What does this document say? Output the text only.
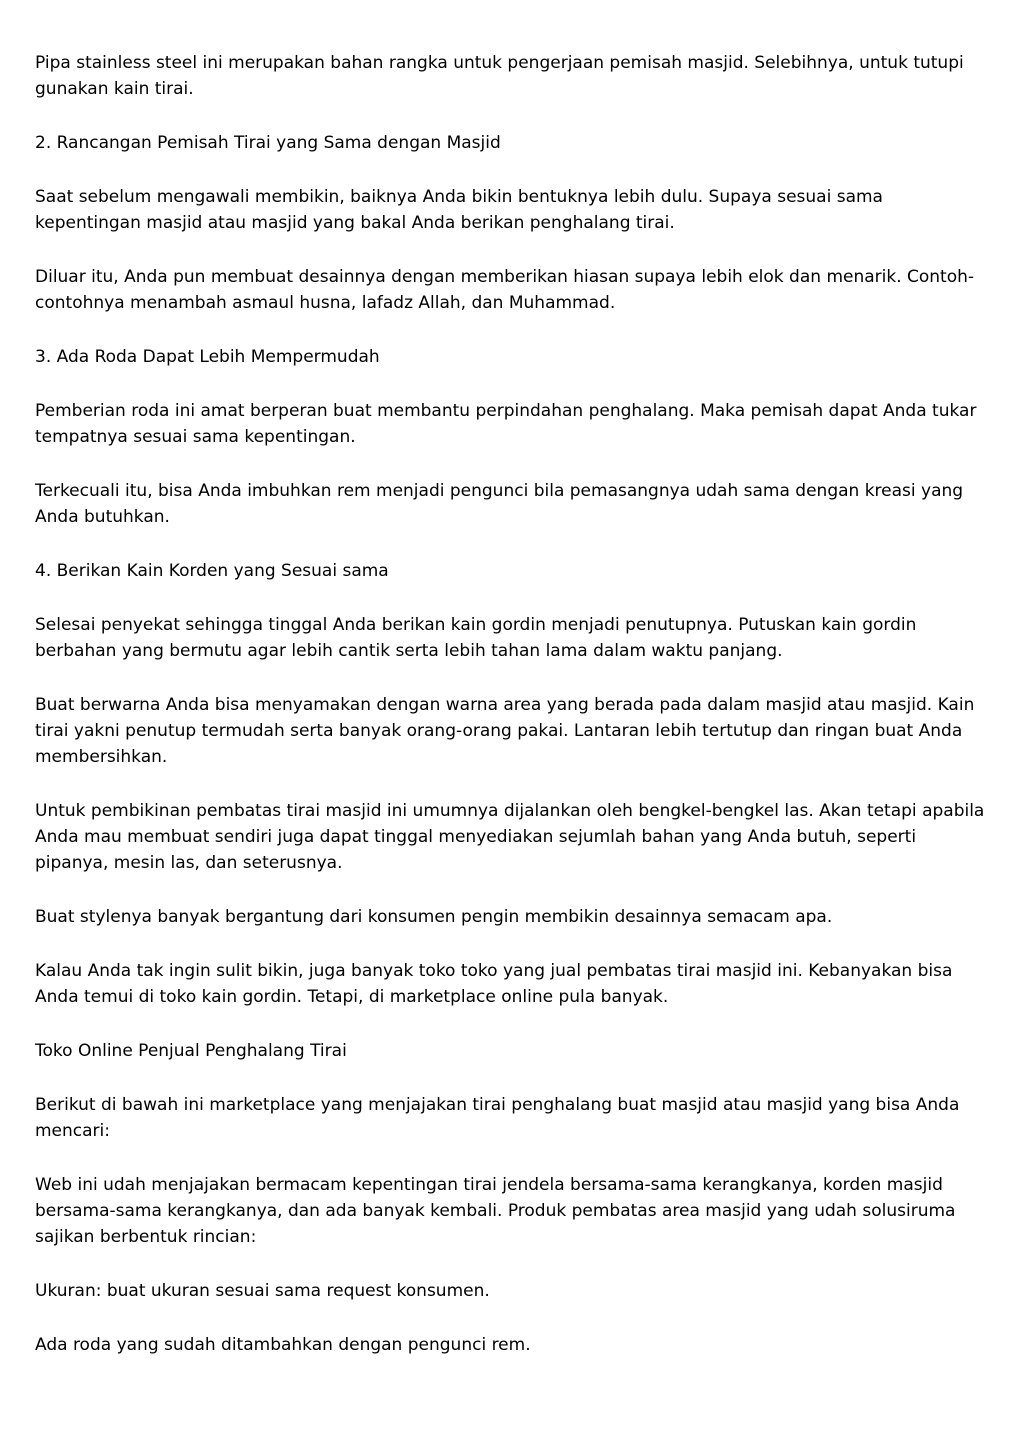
Pipa stainless steel ini merupakan bahan rangka untuk pengerjaan pemisah masjid. Selebihnya, untuk tutupi gunakan kain tirai.

2. Rancangan Pemisah Tirai yang Sama dengan Masjid

Saat sebelum mengawali membikin, baiknya Anda bikin bentuknya lebih dulu. Supaya sesuai sama kepentingan masjid atau masjid yang bakal Anda berikan penghalang tirai.

Diluar itu, Anda pun membuat desainnya dengan memberikan hiasan supaya lebih elok dan menarik. Contoh-contohnya menambah asmaul husna, lafadz Allah, dan Muhammad.

3. Ada Roda Dapat Lebih Mempermudah

Pemberian roda ini amat berperan buat membantu perpindahan penghalang. Maka pemisah dapat Anda tukar tempatnya sesuai sama kepentingan.

Terkecuali itu, bisa Anda imbuhkan rem menjadi pengunci bila pemasangnya udah sama dengan kreasi yang Anda butuhkan.

4. Berikan Kain Korden yang Sesuai sama

Selesai penyekat sehingga tinggal Anda berikan kain gordin menjadi penutupnya. Putuskan kain gordin berbahan yang bermutu agar lebih cantik serta lebih tahan lama dalam waktu panjang.

Buat berwarna Anda bisa menyamakan dengan warna area yang berada pada dalam masjid atau masjid. Kain tirai yakni penutup termudah serta banyak orang-orang pakai. Lantaran lebih tertutup dan ringan buat Anda membersihkan.

Untuk pembikinan pembatas tirai masjid ini umumnya dijalankan oleh bengkel-bengkel las. Akan tetapi apabila Anda mau membuat sendiri juga dapat tinggal menyediakan sejumlah bahan yang Anda butuh, seperti pipanya, mesin las, dan seterusnya.

Buat stylenya banyak bergantung dari konsumen pengin membikin desainnya semacam apa.

Kalau Anda tak ingin sulit bikin, juga banyak toko toko yang jual pembatas tirai masjid ini. Kebanyakan bisa Anda temui di toko kain gordin. Tetapi, di marketplace online pula banyak.

Toko Online Penjual Penghalang Tirai

Berikut di bawah ini marketplace yang menjajakan tirai penghalang buat masjid atau masjid yang bisa Anda mencari:

Web ini udah menjajakan bermacam kepentingan tirai jendela bersama-sama kerangkanya, korden masjid bersama-sama kerangkanya, dan ada banyak kembali. Produk pembatas area masjid yang udah solusiruma sajikan berbentuk rincian:

Ukuran: buat ukuran sesuai sama request konsumen.

Ada roda yang sudah ditambahkan dengan pengunci rem.
